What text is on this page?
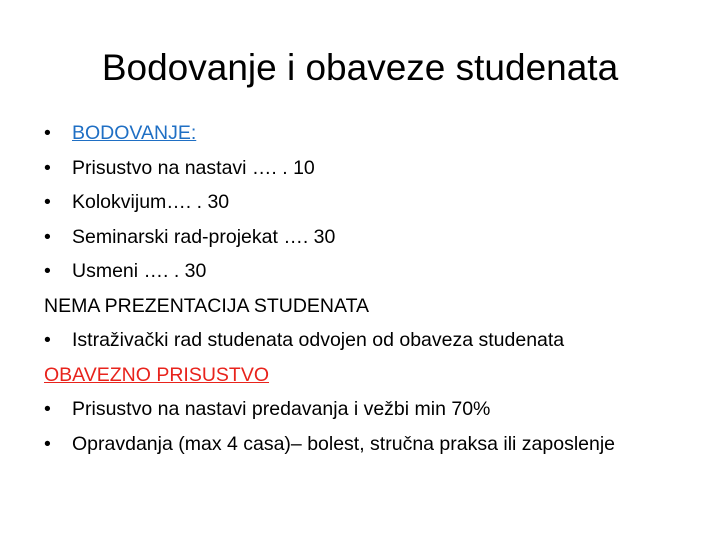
Bodovanje i obaveze studenata
•	BODOVANJE:
•	Prisustvo na nastavi …. . 10
•	Kolokvijum…. . 30
•	Seminarski rad-projekat …. 30
•	Usmeni …. . 30
NEMA PREZENTACIJA STUDENATA
•	Istraživački rad studenata odvojen od obaveza studenata
OBAVEZNO PRISUSTVO
•	Prisustvo na nastavi predavanja i vežbi min 70%
•	Opravdanja (max 4 casa)– bolest, stručna praksa ili zaposlenje
